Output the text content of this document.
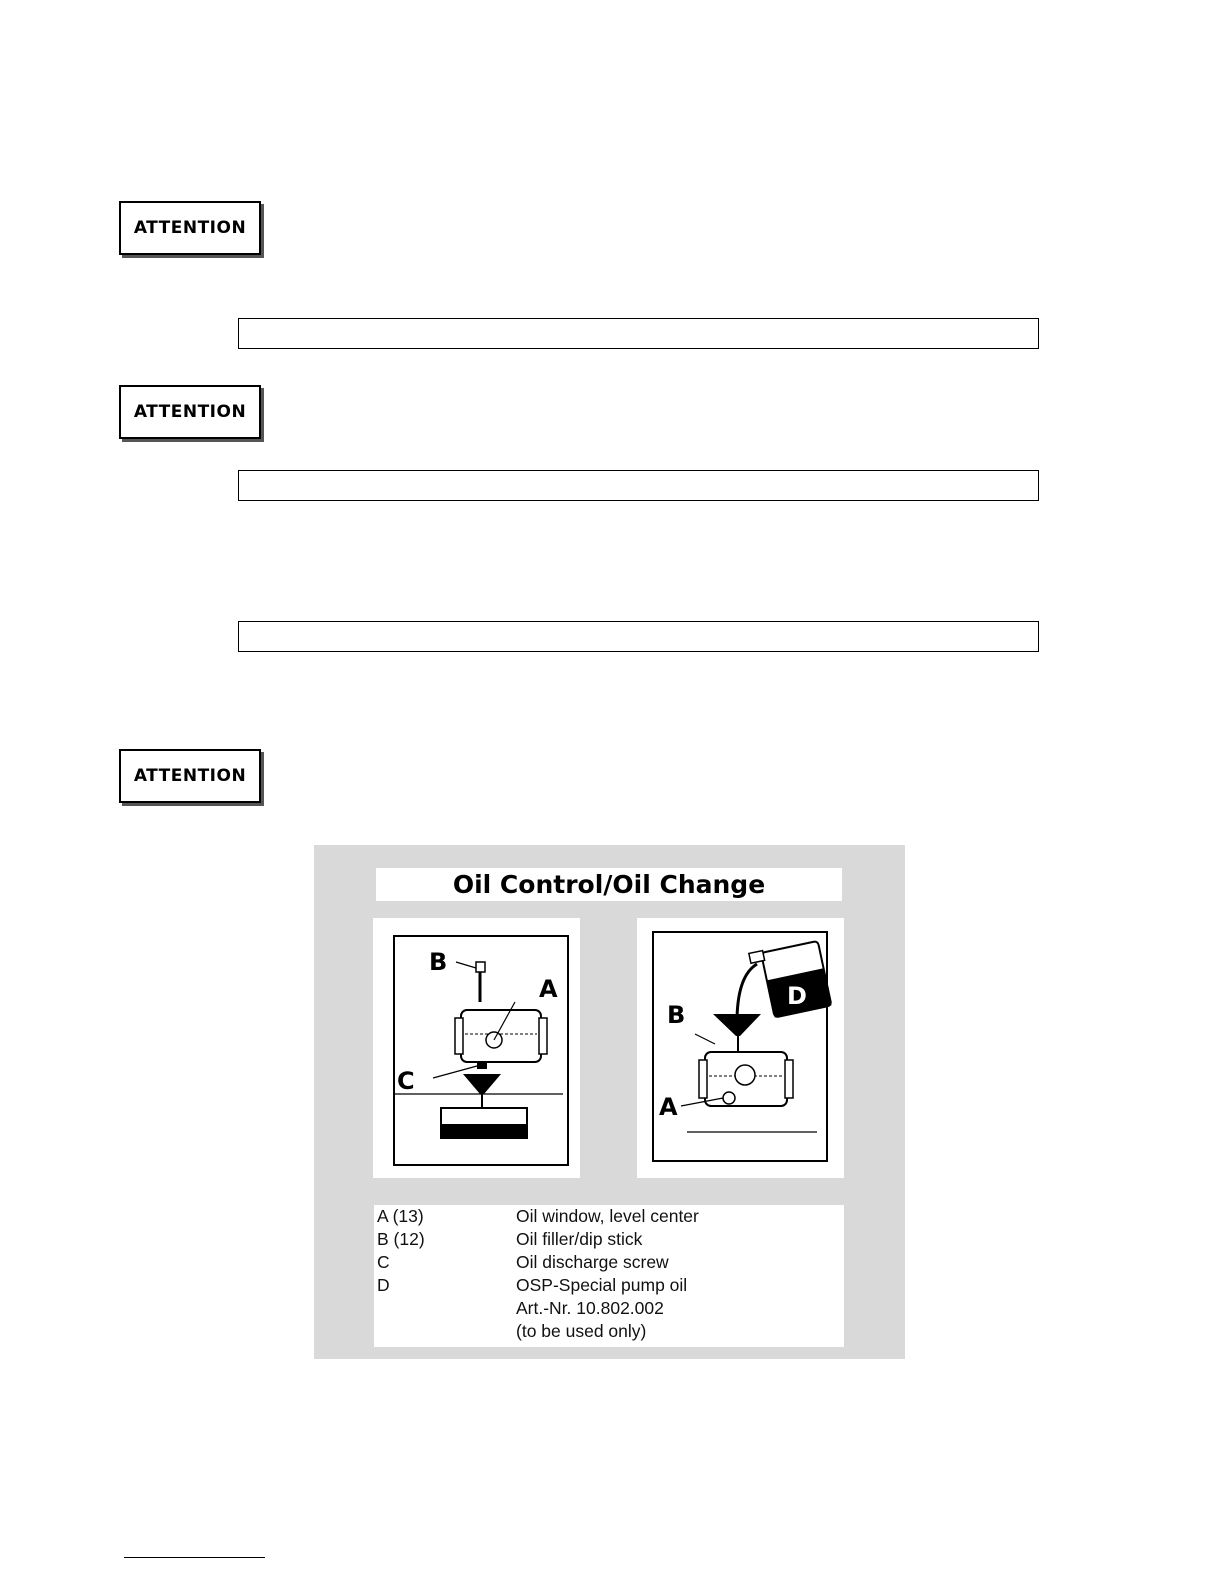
ATTENTION
ATTENTION
ATTENTION
Oil Control/Oil Change
B
A
C
D
B
A
A (13)	Oil window, level center
B (12)	Oil filler/dip stick
C	Oil discharge screw
D	OSP-Special pump oil
Art.-Nr. 10.802.002
(to be used only)
